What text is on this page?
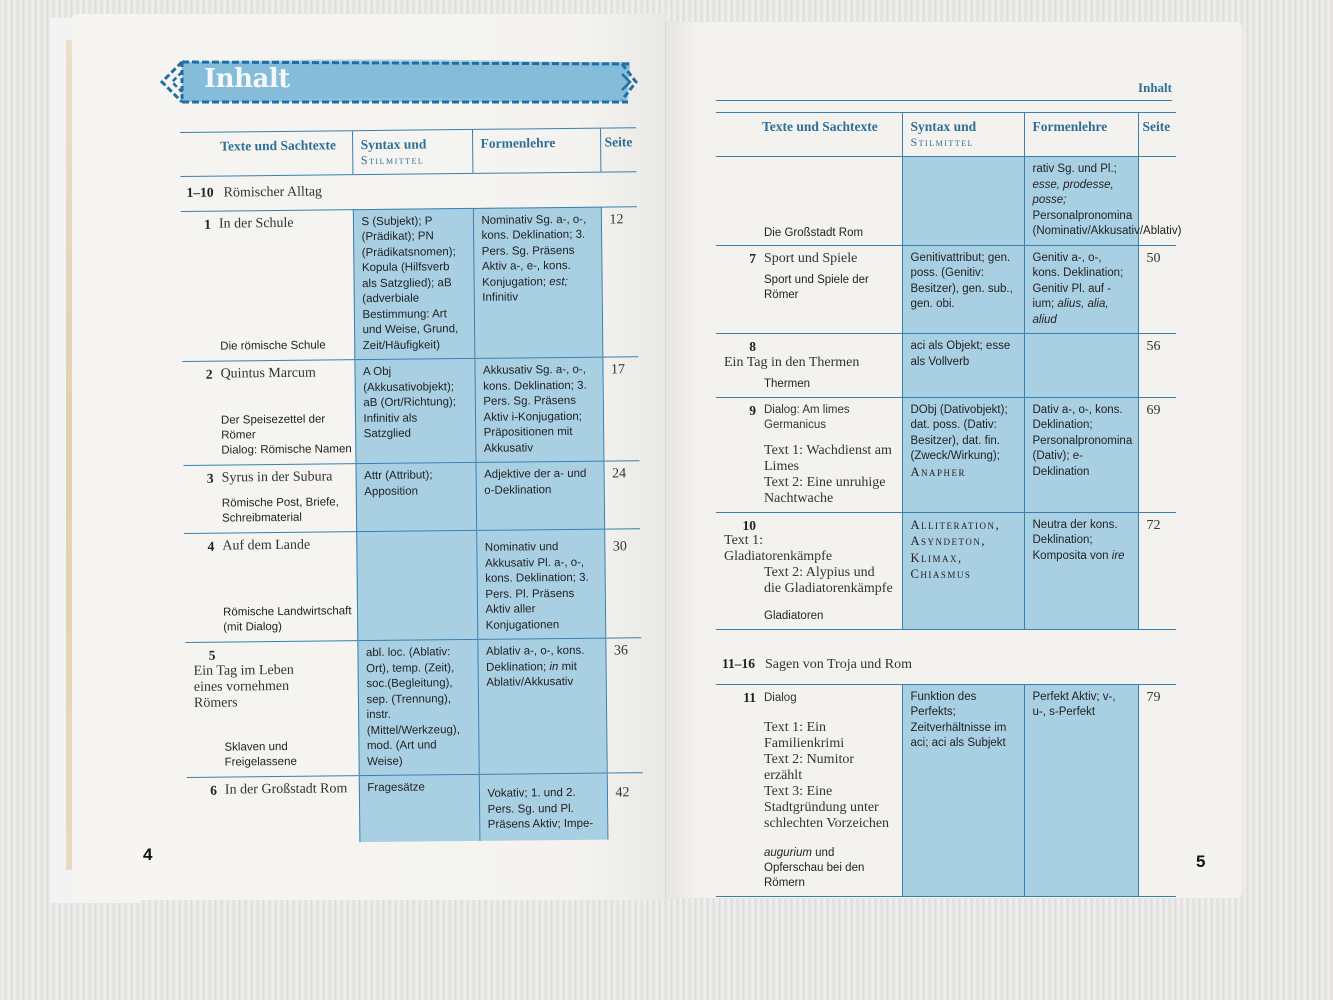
Inhalt
Texte und Sachtexte	Syntax und
Stilmittel	Formenlehre	Seite
1–10 Römischer Alltag			
1 In der Schule
Die römische Schule	S (Subjekt); P (Prädikat); PN (Prädikatsnomen); Kopula (Hilfsverb als Satzglied); aB (adverbiale Bestimmung: Art und Weise, Grund, Zeit/Häufigkeit)	Nominativ Sg. a-, o-, kons. Deklination; 3. Pers. Sg. Präsens Aktiv a-, e-, kons. Konjugation; est; Infinitiv	12
2 Quintus Marcum
Der Speisezettel der Römer
Dialog: Römische Namen	A Obj (Akkusativobjekt); aB (Ort/Richtung); Infinitiv als Satzglied	Akkusativ Sg. a-, o-, kons. Deklination; 3. Pers. Sg. Präsens Aktiv i-Konjugation; Präpositionen mit Akkusativ	17
3 Syrus in der Subura
Römische Post, Briefe, Schreibmaterial	Attr (Attribut); Apposition	Adjektive der a- und o-Deklination	24
4 Auf dem Lande
Römische Landwirtschaft (mit Dialog)		Nominativ und Akkusativ Pl. a-, o-, kons. Deklination; 3. Pers. Pl. Präsens Aktiv aller Konjugationen	30
5Ein Tag im Leben eines vornehmen Römers
Sklaven und Freigelassene	abl. loc. (Ablativ: Ort), temp. (Zeit), soc.(Begleitung), sep. (Trennung), instr. (Mittel/Werkzeug), mod. (Art und Weise)	Ablativ a-, o-, kons. Deklination; in mit Ablativ/Akkusativ	36
6 In der Großstadt Rom	Fragesätze	Vokativ; 1. und 2. Pers. Sg. und Pl. Präsens Aktiv; Impe-	42
4
Inhalt
Texte und Sachtexte	Syntax und
Stilmittel	Formenlehre	Seite

Die Großstadt Rom		rativ Sg. und Pl.; esse, prodesse, posse; Personalpronomina (Nominativ/Akkusativ/Ablativ)	
7 Sport und Spiele
Sport und Spiele der Römer	Genitivattribut; gen. poss. (Genitiv: Besitzer), gen. sub., gen. obi.	Genitiv a-, o-, kons. Deklination; Genitiv Pl. auf -ium; alius, alia, aliud	50
8Ein Tag in den Thermen
Thermen	aci als Objekt; esse als Vollverb		56
9 Dialog: Am limes Germanicus
Text 1: Wachdienst am Limes
Text 2: Eine unruhige Nachtwache	DObj (Dativobjekt); dat. poss. (Dativ: Besitzer), dat. fin. (Zweck/Wirkung);
Anapher	Dativ a-, o-, kons. Deklination; Personalpronomina (Dativ); e-Deklination	69
10Text 1: Gladiatorenkämpfe
Text 2: Alypius und die Gladiatorenkämpfe
Gladiatoren	Alliteration, Asyndeton, Klimax, Chiasmus	Neutra der kons. Deklination; Komposita von ire	72
11–16 Sagen von Troja und Rom			
11 Dialog
Text 1: Ein Familienkrimi
Text 2: Numitor erzählt
Text 3: Eine Stadtgründung unter schlechten Vorzeichen
augurium und Opferschau bei den Römern	Funktion des Perfekts; Zeitverhältnisse im aci; aci als Subjekt	Perfekt Aktiv; v-, u-, s-Perfekt	79
5
